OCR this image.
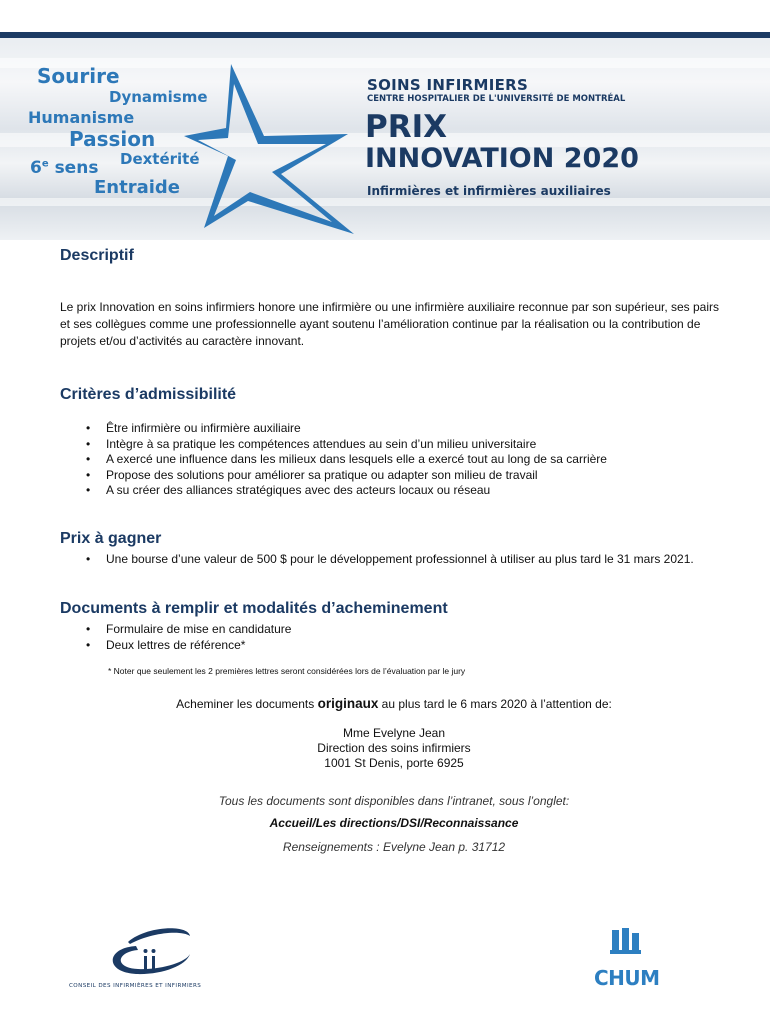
Sourire
Dynamisme
Humanisme
Passion
6e sens Dextérité
Entraide
SOINS INFIRMIERS
CENTRE HOSPITALIER DE L'UNIVERSITÉ DE MONTRÉAL
PRIX
INNOVATION 2020
Infirmières et infirmières auxiliaires
Descriptif

Le prix Innovation en soins infirmiers honore une infirmière ou une infirmière auxiliaire reconnue par son supérieur, ses pairs et ses collègues comme une professionnelle ayant soutenu l’amélioration continue par la réalisation ou la contribution de projets et/ou d’activités au caractère innovant.

Critères d’admissibilité
• Être infirmière ou infirmière auxiliaire
• Intègre à sa pratique les compétences attendues au sein d’un milieu universitaire
• A exercé une influence dans les milieux dans lesquels elle a exercé tout au long de sa carrière
• Propose des solutions pour améliorer sa pratique ou adapter son milieu de travail
• A su créer des alliances stratégiques avec des acteurs locaux ou réseau
Prix à gagner
• Une bourse d’une valeur de 500 $ pour le développement professionnel à utiliser au plus tard le 31 mars 2021.
Documents à remplir et modalités d’acheminement
• Formulaire de mise en candidature
• Deux lettres de référence*
* Noter que seulement les 2 premières lettres seront considérées lors de l’évaluation par le jury
Acheminer les documents originaux au plus tard le 6 mars 2020 à l’attention de:
Mme Evelyne Jean
Direction des soins infirmiers
1001 St Denis, porte 6925
Tous les documents sont disponibles dans l’intranet, sous l’onglet:
Accueil/Les directions/DSI/Reconnaissance
Renseignements : Evelyne Jean p. 31712
CONSEIL DES INFIRMIÈRES ET INFIRMIERS	CHUM
